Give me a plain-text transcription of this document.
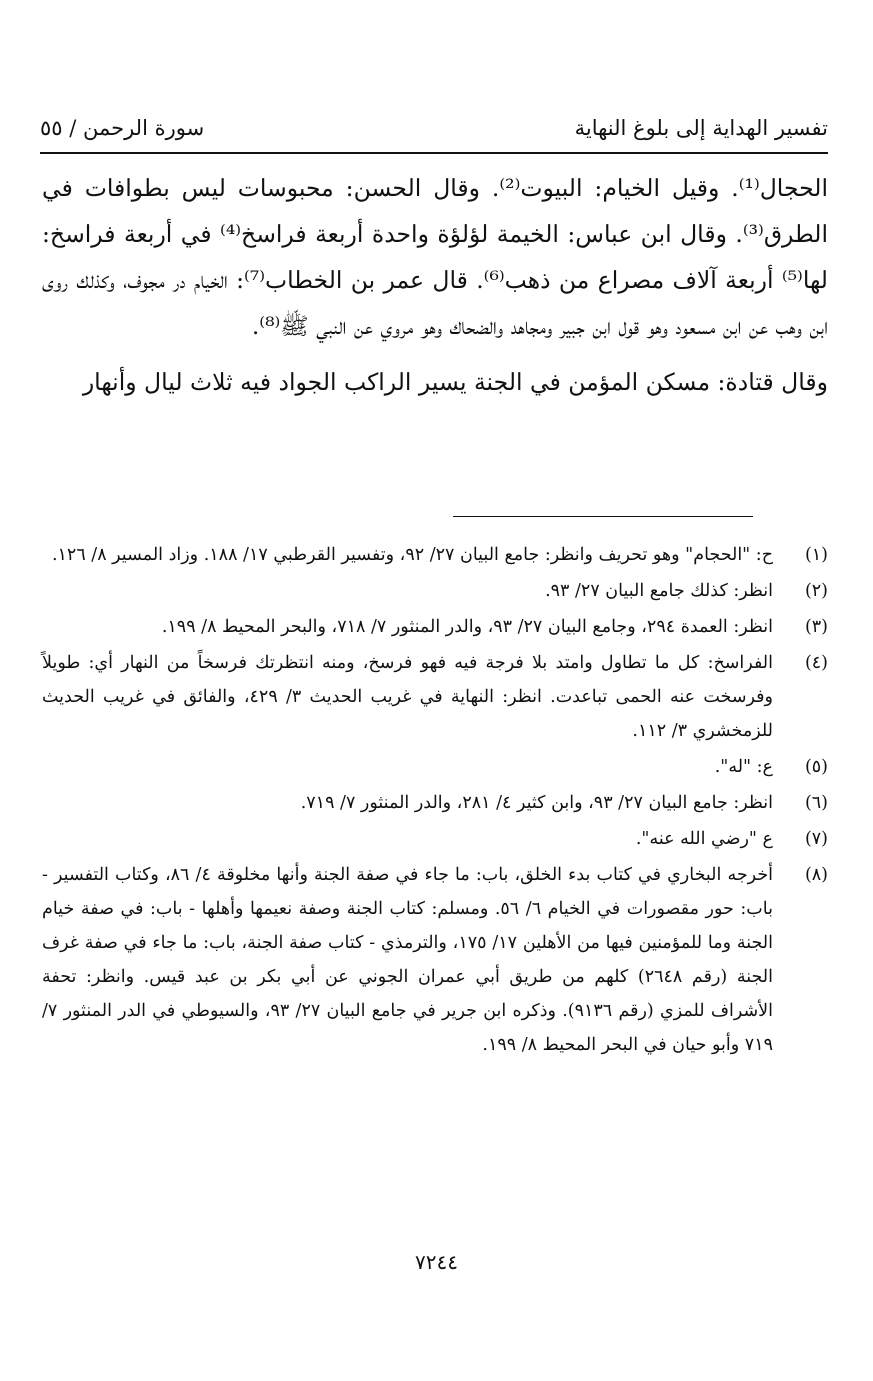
تفسير الهداية إلى بلوغ النهاية
سورة الرحمن / ٥٥

الحجال⁽¹⁾. وقيل الخيام: البيوت⁽²⁾. وقال الحسن: محبوسات ليس بطوافات في الطرق⁽³⁾. وقال ابن عباس: الخيمة لؤلؤة واحدة أربعة فراسخ⁽⁴⁾ في أربعة فراسخ: لها⁽⁵⁾ أربعة آلاف مصراع من ذهب⁽⁶⁾. قال عمر بن الخطاب⁽⁷⁾: الخيام در مجوف، وكذلك روى ابن وهب عن ابن مسعود وهو قول ابن جبير ومجاهد والضحاك وهو مروي عن النبي ﷺ⁽⁸⁾.

وقال قتادة: مسكن المؤمن في الجنة يسير الراكب الجواد فيه ثلاث ليال وأنهار

(١)
ح: "الحجام" وهو تحريف وانظر: جامع البيان ٢٧/ ٩٢، وتفسير القرطبي ١٧/ ١٨٨. وزاد المسير ٨/ ١٢٦.
(٢)
انظر: كذلك جامع البيان ٢٧/ ٩٣.
(٣)
انظر: العمدة ٢٩٤، وجامع البيان ٢٧/ ٩٣، والدر المنثور ٧/ ٧١٨، والبحر المحيط ٨/ ١٩٩.
(٤)
الفراسخ: كل ما تطاول وامتد بلا فرجة فيه فهو فرسخ، ومنه انتظرتك فرسخاً من النهار أي: طويلاً وفرسخت عنه الحمى تباعدت. انظر: النهاية في غريب الحديث ٣/ ٤٢٩، والفائق في غريب الحديث للزمخشري ٣/ ١١٢.
(٥)
ع: "له".
(٦)
انظر: جامع البيان ٢٧/ ٩٣، وابن كثير ٤/ ٢٨١، والدر المنثور ٧/ ٧١٩.
(٧)
ع "رضي الله عنه".
(٨)
أخرجه البخاري في كتاب بدء الخلق، باب: ما جاء في صفة الجنة وأنها مخلوقة ٤/ ٨٦، وكتاب التفسير - باب: حور مقصورات في الخيام ٦/ ٥٦. ومسلم: كتاب الجنة وصفة نعيمها وأهلها - باب: في صفة خيام الجنة وما للمؤمنين فيها من الأهلين ١٧/ ١٧٥، والترمذي - كتاب صفة الجنة، باب: ما جاء في صفة غرف الجنة (رقم ٢٦٤٨) كلهم من طريق أبي عمران الجوني عن أبي بكر بن عبد قيس. وانظر: تحفة الأشراف للمزي (رقم ٩١٣٦). وذكره ابن جرير في جامع البيان ٢٧/ ٩٣، والسيوطي في الدر المنثور ٧/ ٧١٩ وأبو حيان في البحر المحيط ٨/ ١٩٩.
٧٢٤٤
